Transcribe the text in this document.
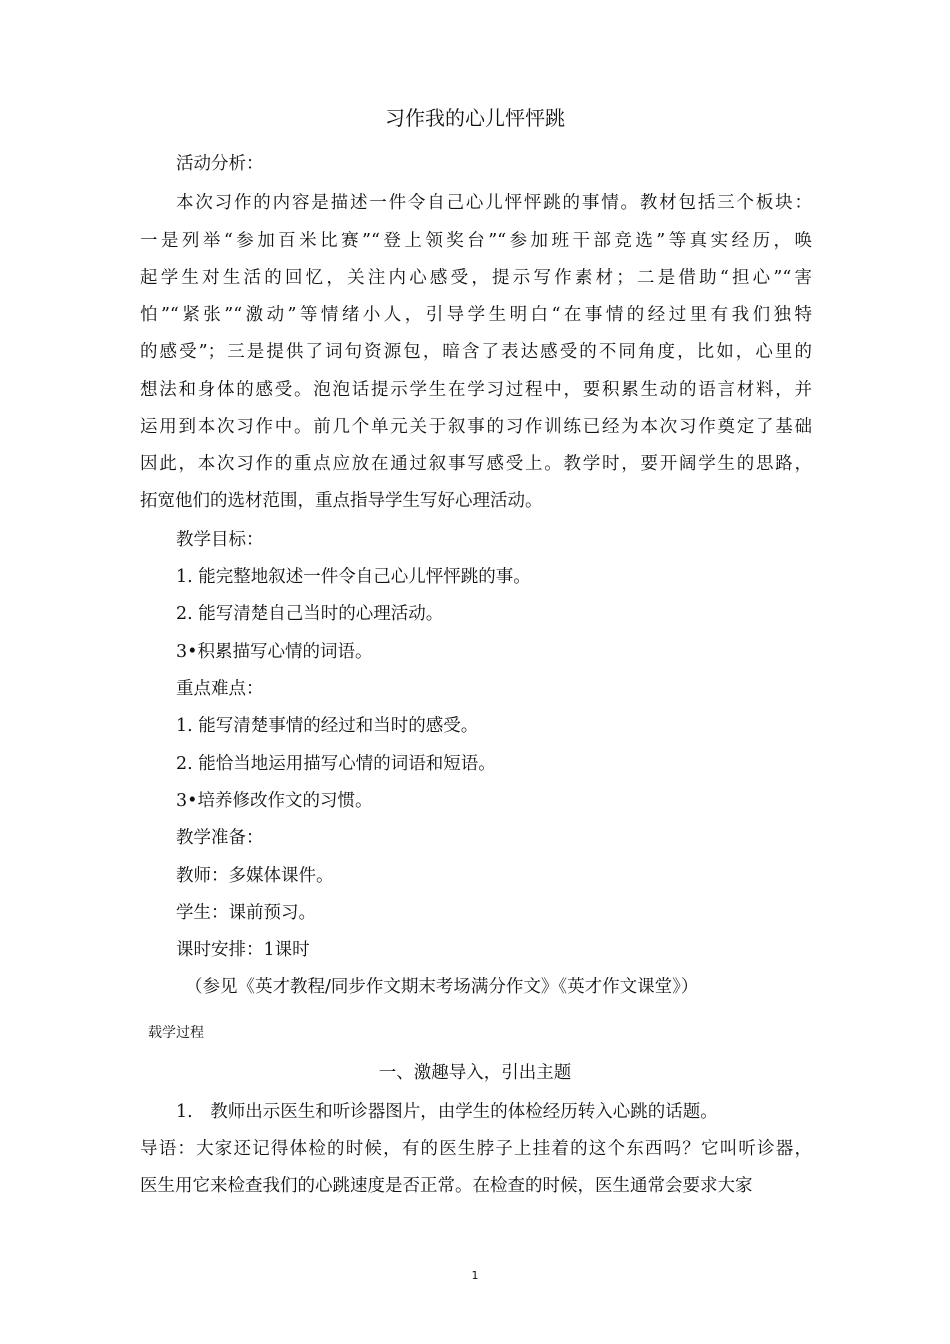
习作我的心儿怦怦跳
活动分析：
本次习作的内容是描述一件令自己心儿怦怦跳的事情。教材包括三个板块：
一是列举“参加百米比赛”“登上领奖台”“参加班干部竞选”等真实经历，唤
起学生对生活的回忆，关注内心感受，提示写作素材；二是借助“担心”“害
怕”“紧张”“激动”等情绪小人，引导学生明白“在事情的经过里有我们独特
的感受”；三是提供了词句资源包，暗含了表达感受的不同角度，比如，心里的
想法和身体的感受。泡泡话提示学生在学习过程中，要积累生动的语言材料，并
运用到本次习作中。前几个单元关于叙事的习作训练已经为本次习作奠定了基础
因此，本次习作的重点应放在通过叙事写感受上。教学时，要开阔学生的思路，
拓宽他们的选材范围，重点指导学生写好心理活动。
教学目标：
1. 能完整地叙述一件令自己心儿怦怦跳的事。
2. 能写清楚自己当时的心理活动。
3•积累描写心情的词语。
重点难点：
1. 能写清楚事情的经过和当时的感受。
2. 能恰当地运用描写心情的词语和短语。
3•培养修改作文的习惯。
教学准备：
教师：多媒体课件。
学生：课前预习。
课时安排：1课时
（参见《英才教程/同步作文期末考场满分作文》《英才作文课堂》）
载学过程
一、激趣导入，引出主题
1.　教师出示医生和听诊器图片，由学生的体检经历转入心跳的话题。
导语：大家还记得体检的时候，有的医生脖子上挂着的这个东西吗？它叫听诊器，
医生用它来检查我们的心跳速度是否正常。在检查的时候，医生通常会要求大家
1
